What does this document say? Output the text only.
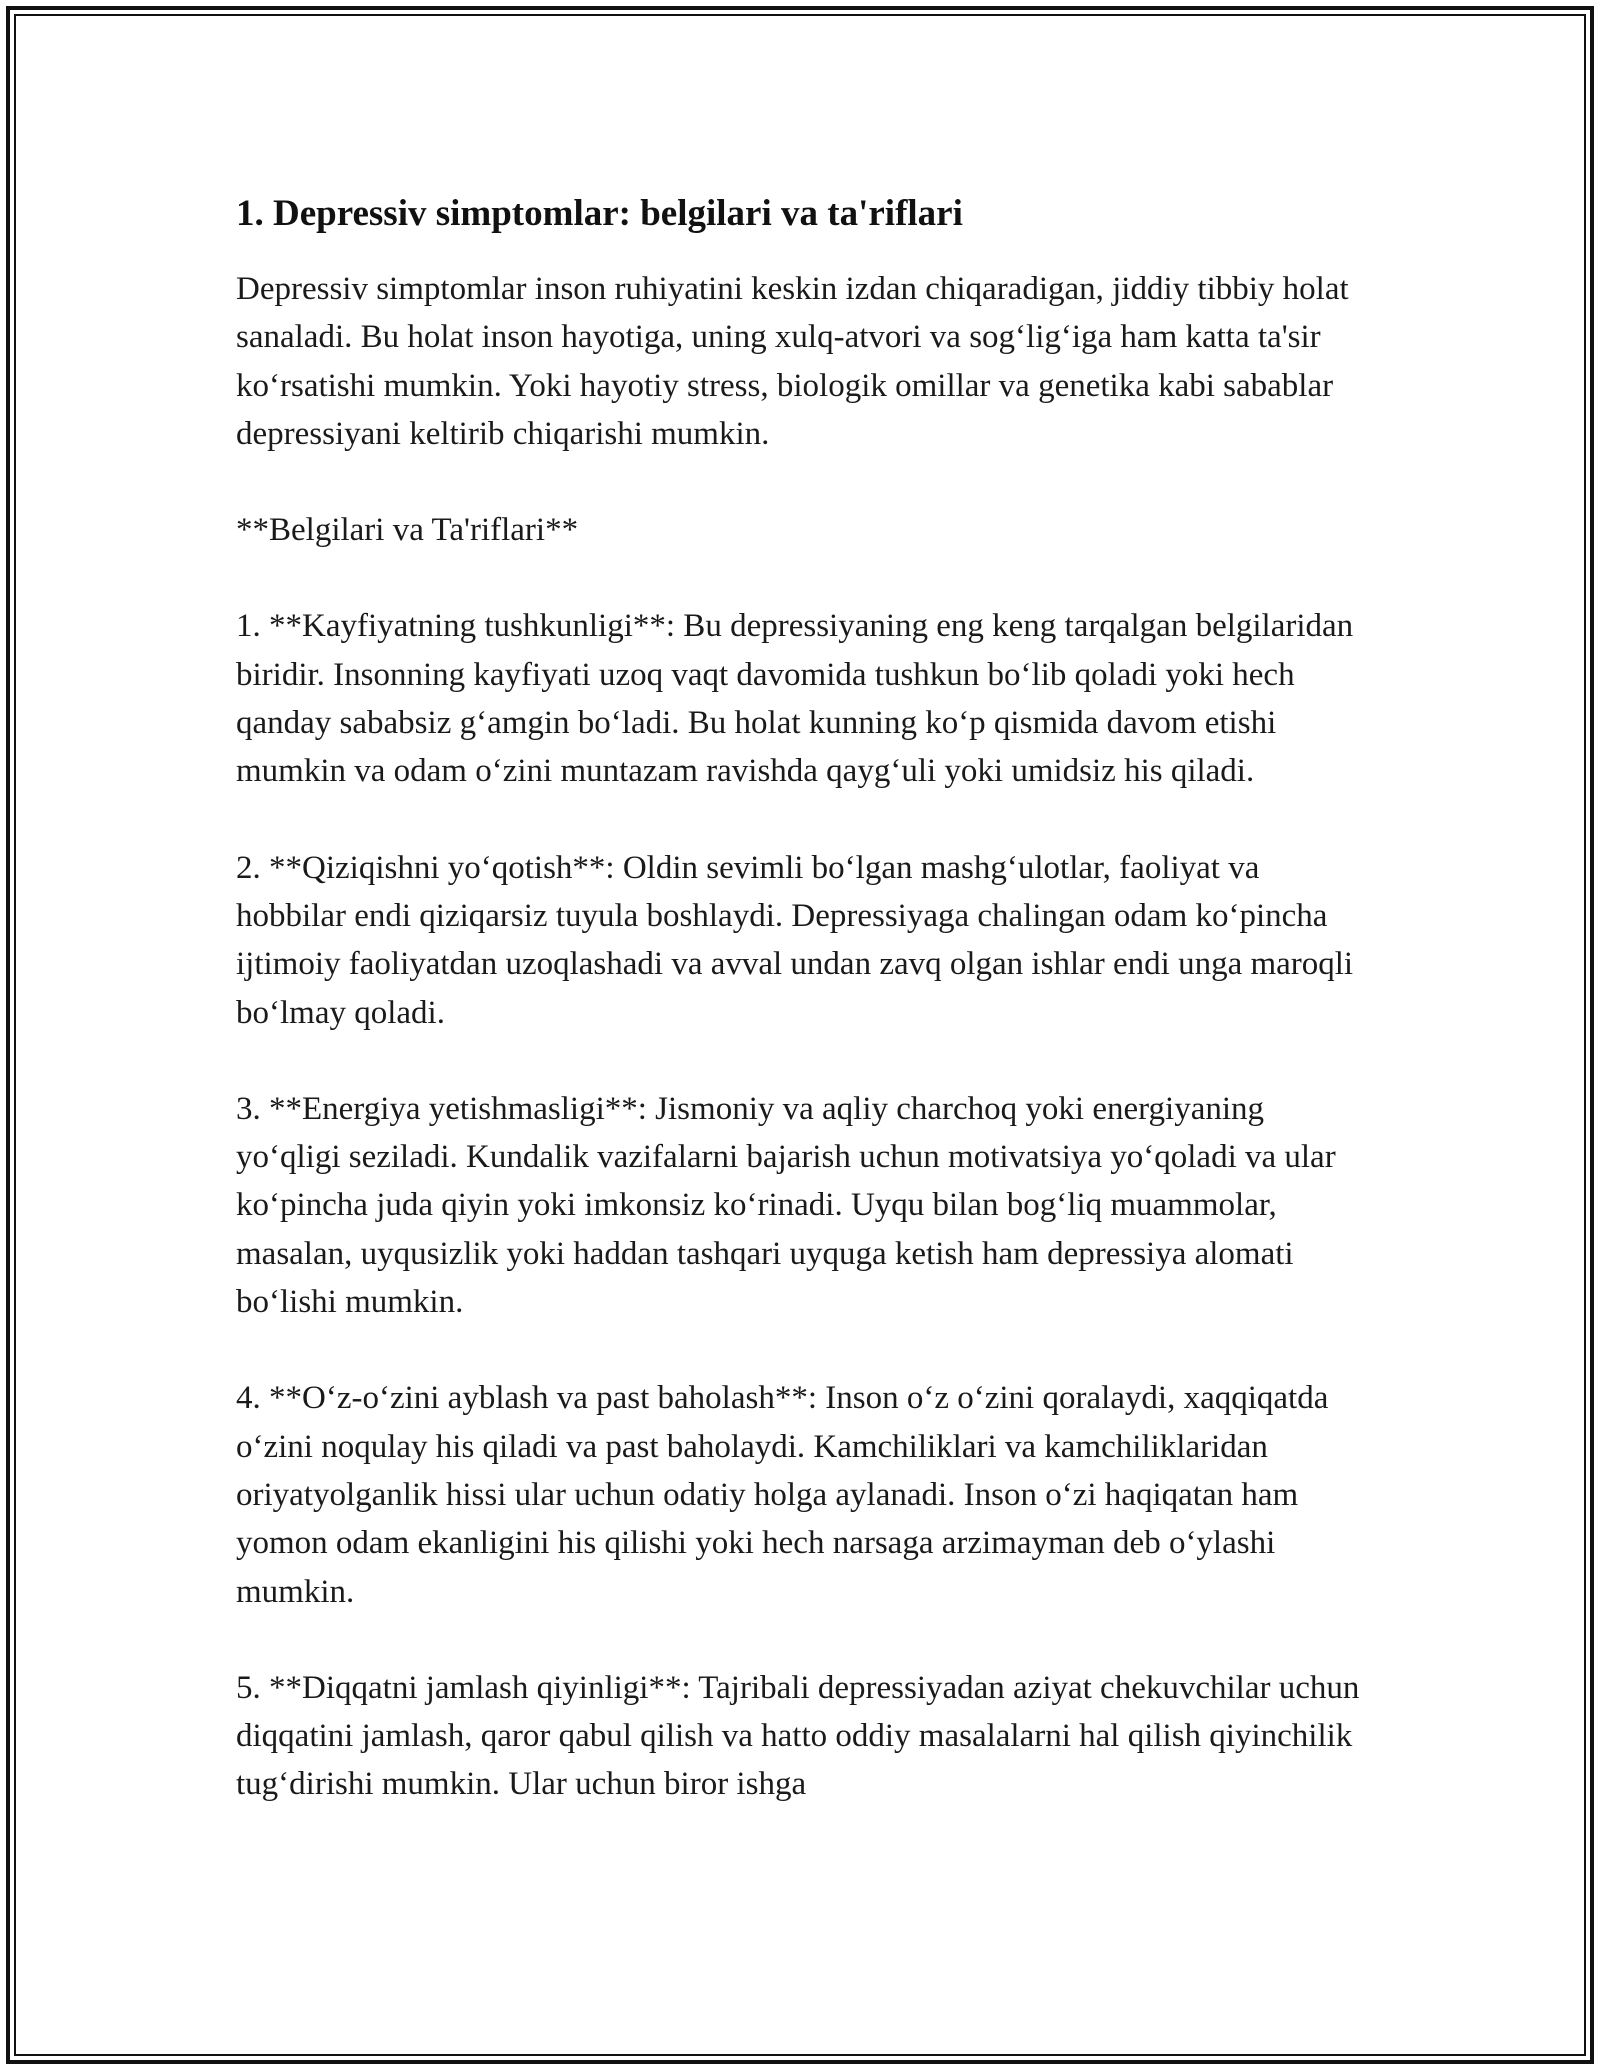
1. Depressiv simptomlar: belgilari va ta'riflari

Depressiv simptomlar inson ruhiyatini keskin izdan chiqaradigan, jiddiy tibbiy holat sanaladi. Bu holat inson hayotiga, uning xulq-atvori va sog‘lig‘iga ham katta ta'sir ko‘rsatishi mumkin. Yoki hayotiy stress, biologik omillar va genetika kabi sabablar depressiyani keltirib chiqarishi mumkin.

**Belgilari va Ta'riflari**

1. **Kayfiyatning tushkunligi**: Bu depressiyaning eng keng tarqalgan belgilaridan biridir. Insonning kayfiyati uzoq vaqt davomida tushkun bo‘lib qoladi yoki hech qanday sababsiz g‘amgin bo‘ladi. Bu holat kunning ko‘p qismida davom etishi mumkin va odam o‘zini muntazam ravishda qayg‘uli yoki umidsiz his qiladi.

2. **Qiziqishni yo‘qotish**: Oldin sevimli bo‘lgan mashg‘ulotlar, faoliyat va hobbilar endi qiziqarsiz tuyula boshlaydi. Depressiyaga chalingan odam ko‘pincha ijtimoiy faoliyatdan uzoqlashadi va avval undan zavq olgan ishlar endi unga maroqli bo‘lmay qoladi.

3. **Energiya yetishmasligi**: Jismoniy va aqliy charchoq yoki energiyaning yo‘qligi seziladi. Kundalik vazifalarni bajarish uchun motivatsiya yo‘qoladi va ular ko‘pincha juda qiyin yoki imkonsiz ko‘rinadi. Uyqu bilan bog‘liq muammolar, masalan, uyqusizlik yoki haddan tashqari uyquga ketish ham depressiya alomati bo‘lishi mumkin.

4. **O‘z-o‘zini ayblash va past baholash**: Inson o‘z o‘zini qoralaydi, xaqqiqatda o‘zini noqulay his qiladi va past baholaydi. Kamchiliklari va kamchiliklaridan oriyatyolganlik hissi ular uchun odatiy holga aylanadi. Inson o‘zi haqiqatan ham yomon odam ekanligini his qilishi yoki hech narsaga arzimayman deb o‘ylashi mumkin.

5. **Diqqatni jamlash qiyinligi**: Tajribali depressiyadan aziyat chekuvchilar uchun diqqatini jamlash, qaror qabul qilish va hatto oddiy masalalarni hal qilish qiyinchilik tug‘dirishi mumkin. Ular uchun biror ishga
